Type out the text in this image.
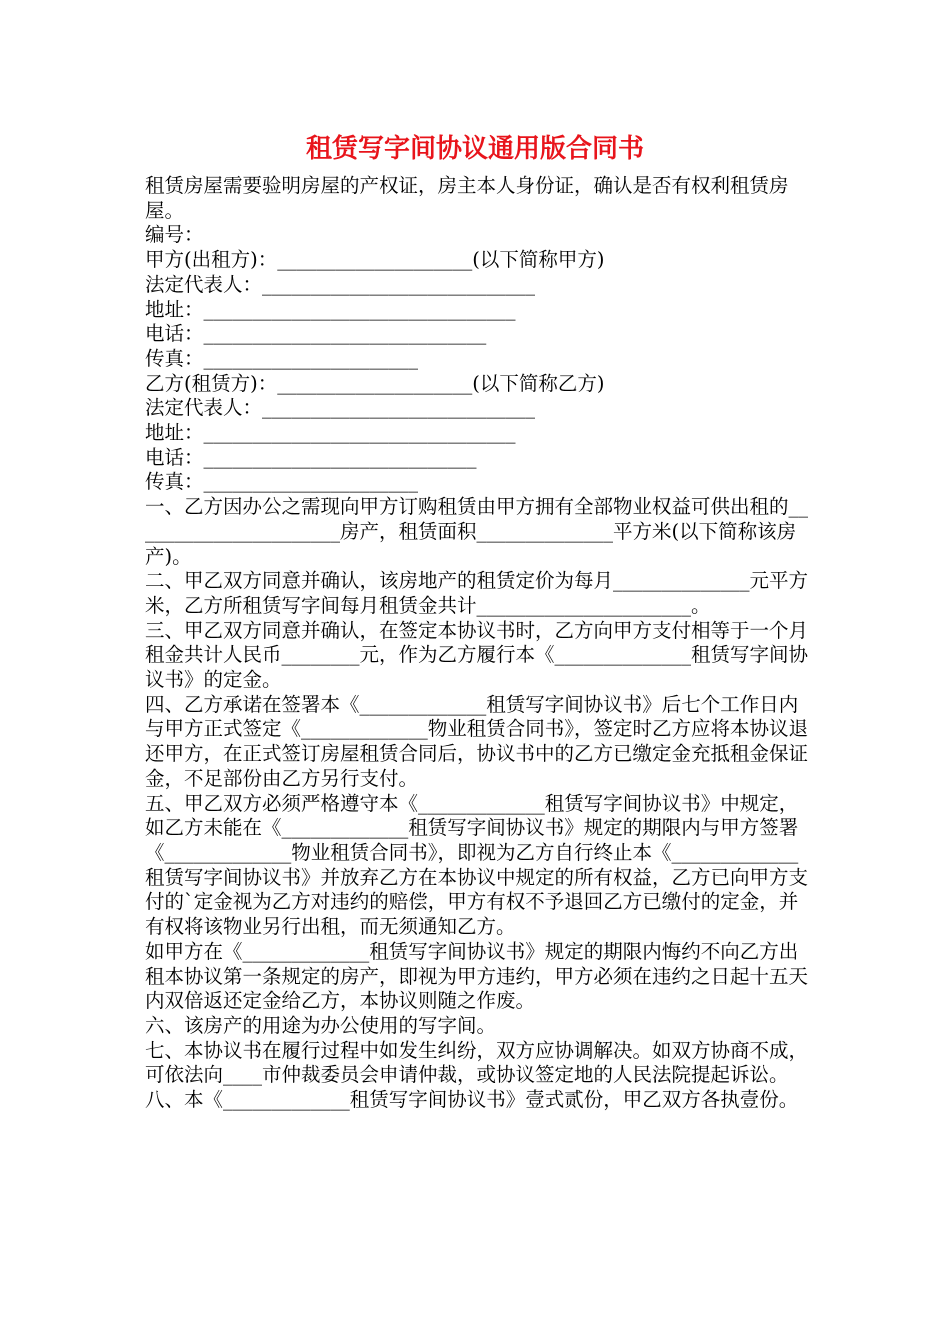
租赁写字间协议通用版合同书

租赁房屋需要验明房屋的产权证，房主本人身份证，确认是否有权利租赁房屋。

编号：

甲方(出租方)：____________________(以下简称甲方)

法定代表人：____________________________

地址：________________________________

电话：_____________________________

传真：______________________

乙方(租赁方)：____________________(以下简称乙方)

法定代表人：____________________________

地址：________________________________

电话：____________________________

传真：______________________

一、乙方因办公之需现向甲方订购租赁由甲方拥有全部物业权益可供出租的______________________房产，租赁面积______________平方米(以下简称该房产)。

二、甲乙双方同意并确认，该房地产的租赁定价为每月______________元平方米，乙方所租赁写字间每月租赁金共计______________________。

三、甲乙双方同意并确认，在签定本协议书时，乙方向甲方支付相等于一个月租金共计人民币________元，作为乙方履行本《______________租赁写字间协议书》的定金。

四、乙方承诺在签署本《_____________租赁写字间协议书》后七个工作日内与甲方正式签定《_____________物业租赁合同书》，签定时乙方应将本协议退还甲方，在正式签订房屋租赁合同后，协议书中的乙方已缴定金充抵租金保证金，不足部份由乙方另行支付。

五、甲乙双方必须严格遵守本《_____________租赁写字间协议书》中规定，如乙方未能在《_____________租赁写字间协议书》规定的期限内与甲方签署《_____________物业租赁合同书》，即视为乙方自行终止本《_____________租赁写字间协议书》并放弃乙方在本协议中规定的所有权益，乙方已向甲方支付的`定金视为乙方对违约的赔偿，甲方有权不予退回乙方已缴付的定金，并有权将该物业另行出租，而无须通知乙方。

如甲方在《_____________租赁写字间协议书》规定的期限内悔约不向乙方出租本协议第一条规定的房产，即视为甲方违约，甲方必须在违约之日起十五天内双倍返还定金给乙方，本协议则随之作废。

六、该房产的用途为办公使用的写字间。

七、本协议书在履行过程中如发生纠纷，双方应协调解决。如双方协商不成，可依法向____市仲裁委员会申请仲裁，或协议签定地的人民法院提起诉讼。

八、本《_____________租赁写字间协议书》壹式贰份，甲乙双方各执壹份。
